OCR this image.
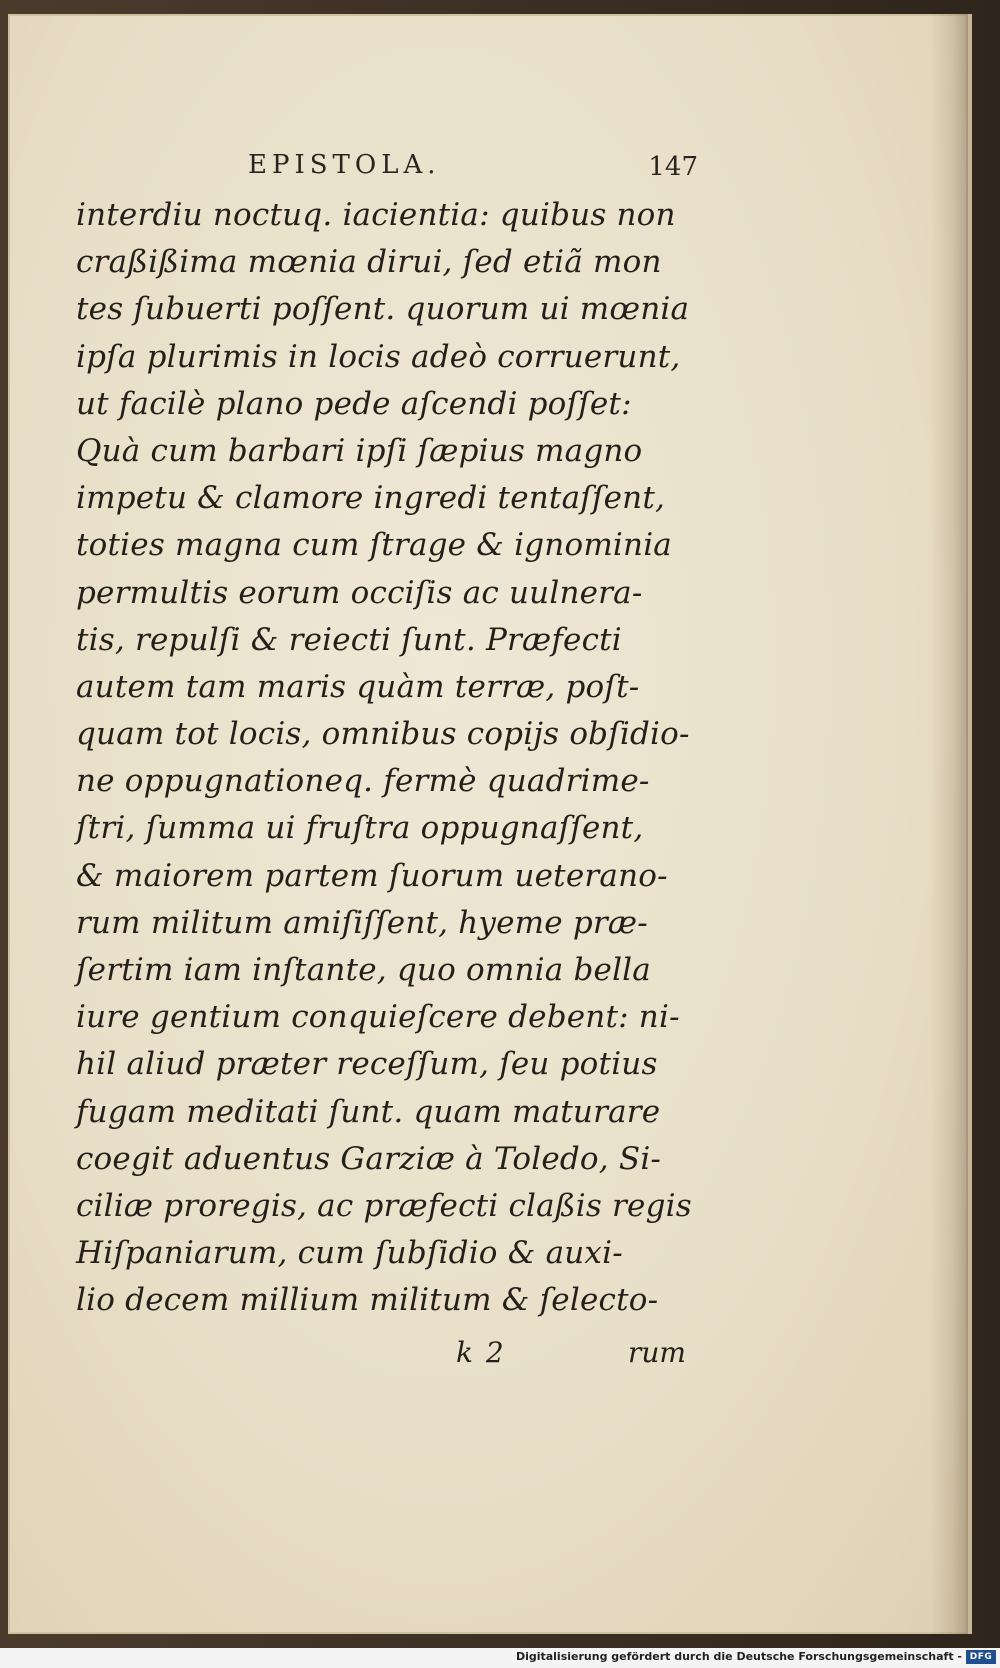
EPISTOLA.	147
interdiu noctuq. iacientia: quibus non
craßißima mœnia dirui, ſed etiã mon
tes ſubuerti poſſent. quorum ui mœnia
ipſa plurimis in locis adeò corruerunt,
ut facilè plano pede aſcendi poſſet:
Quà cum barbari ipſi ſæpius magno
impetu & clamore ingredi tentaſſent,
toties magna cum ſtrage & ignominia
permultis eorum occiſis ac uulnera-
tis, repulſi & reiecti ſunt. Præfecti
autem tam maris quàm terræ, poſt-
quam tot locis, omnibus copijs obſidio-
ne oppugnationeq. fermè quadrime-
ſtri, ſumma ui fruſtra oppugnaſſent,
& maiorem partem ſuorum ueterano-
rum militum amiſiſſent, hyeme præ-
ſertim iam inſtante, quo omnia bella
iure gentium conquieſcere debent: ni-
hil aliud præter receſſum, ſeu potius
fugam meditati ſunt. quam maturare
coegit aduentus Garziæ à Toledo, Si-
ciliæ proregis, ac præfecti claßis regis
Hiſpaniarum, cum ſubſidio & auxi-
lio decem millium militum & ſelecto-
k 2	rum
Digitalisierung gefördert durch die Deutsche Forschungsgemeinschaft - DFG
